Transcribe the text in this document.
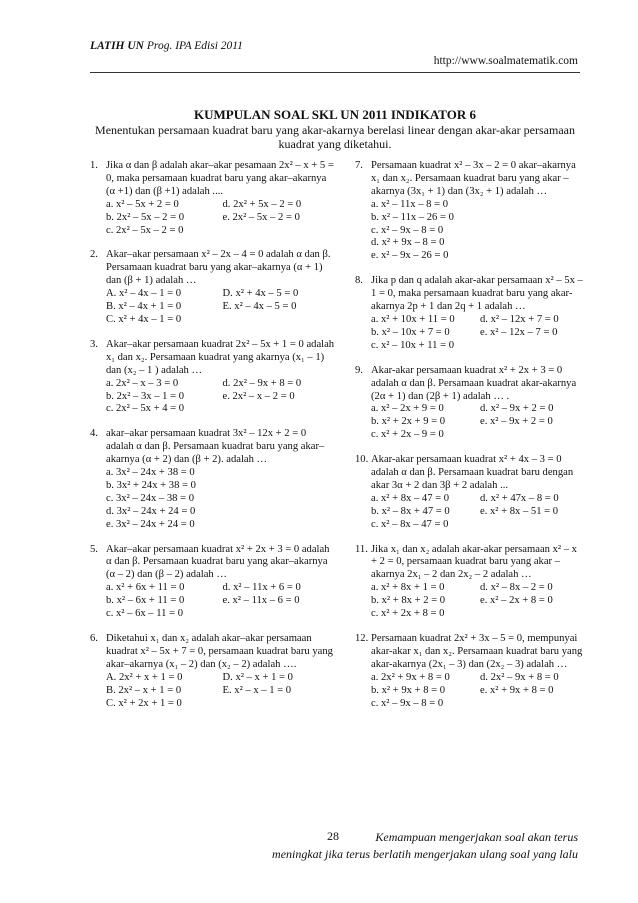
LATIH UN Prog. IPA Edisi 2011
http://www.soalmatematik.com
KUMPULAN SOAL SKL UN 2011 INDIKATOR 6
Menentukan persamaan kuadrat baru yang akar-akarnya berelasi linear dengan akar-akar persamaan kuadrat yang diketahui.
1. Jika α dan β adalah akar–akar pesamaan 2x² – x + 5 = 0, maka persamaan kuadrat baru yang akar–akarnya (α +1) dan (β +1) adalah ....
a. x² – 5x + 2 = 0	d. 2x² + 5x – 2 = 0
b. 2x² – 5x – 2 = 0	e. 2x² – 5x – 2 = 0
c. 2x² – 5x – 2 = 0
2. Akar–akar persamaan x² – 2x – 4 = 0 adalah α dan β. Persamaan kuadrat baru yang akar–akarnya (α + 1) dan (β + 1) adalah …
A. x² – 4x – 1 = 0	D. x² + 4x – 5 = 0
B. x² – 4x + 1 = 0	E. x² – 4x – 5 = 0
C. x² + 4x – 1 = 0
3. Akar–akar persamaan kuadrat 2x² – 5x + 1 = 0 adalah x₁ dan x₂. Persamaan kuadrat yang akarnya (x₁ – 1) dan (x₂ – 1 ) adalah …
a. 2x² – x – 3 = 0	d. 2x² – 9x + 8 = 0
b. 2x² – 3x – 1 = 0	e. 2x² – x – 2 = 0
c. 2x² – 5x + 4 = 0
4. akar–akar persamaan kuadrat 3x² – 12x + 2 = 0 adalah α dan β. Persamaan kuadrat baru yang akar–akarnya (α + 2) dan (β + 2). adalah …
a. 3x² – 24x + 38 = 0
b. 3x² + 24x + 38 = 0
c. 3x² – 24x – 38 = 0
d. 3x² – 24x + 24 = 0
e. 3x² – 24x + 24 = 0
5. Akar–akar persamaan kuadrat x² + 2x + 3 = 0 adalah α dan β. Persamaan kuadrat baru yang akar–akarnya (α – 2) dan (β – 2) adalah …
a. x² + 6x + 11 = 0	d. x² – 11x + 6 = 0
b. x² – 6x + 11 = 0	e. x² – 11x – 6 = 0
c. x² – 6x – 11 = 0
6. Diketahui x₁ dan x₂ adalah akar–akar persamaan kuadrat x² – 5x + 7 = 0, persamaan kuadrat baru yang akar–akarnya (x₁ – 2) dan (x₂ – 2) adalah ….
A. 2x² + x + 1 = 0	D. x² – x + 1 = 0
B. 2x² – x + 1 = 0	E. x² – x – 1 = 0
C. x² + 2x + 1 = 0
7. Persamaan kuadrat x² – 3x – 2 = 0 akar–akarnya x₁ dan x₂. Persamaan kuadrat baru yang akar – akarnya (3x₁ + 1) dan (3x₂ + 1) adalah …
a. x² – 11x – 8 = 0
b. x² – 11x – 26 = 0
c. x² – 9x – 8 = 0
d. x² + 9x – 8 = 0
e. x² – 9x – 26 = 0
8. Jika p dan q adalah akar-akar persamaan x² – 5x – 1 = 0, maka persamaan kuadrat baru yang akar-akarnya 2p + 1 dan 2q + 1 adalah …
a. x² + 10x + 11 = 0	d. x² – 12x + 7 = 0
b. x² – 10x + 7 = 0	e. x² – 12x – 7 = 0
c. x² – 10x + 11 = 0
9. Akar-akar persamaan kuadrat x² + 2x + 3 = 0 adalah α dan β. Persamaan kuadrat akar-akarnya (2α + 1) dan (2β + 1) adalah … .
a. x² – 2x + 9 = 0	d. x² – 9x + 2 = 0
b. x² + 2x + 9 = 0	e. x² – 9x + 2 = 0
c. x² + 2x – 9 = 0
10. Akar-akar persamaan kuadrat x² + 4x – 3 = 0 adalah α dan β. Persamaan kuadrat baru dengan akar 3α + 2 dan 3β + 2 adalah ...
a. x² + 8x – 47 = 0	d. x² + 47x – 8 = 0
b. x² – 8x + 47 = 0	e. x² + 8x – 51 = 0
c. x² – 8x – 47 = 0
11. Jika x₁ dan x₂ adalah akar-akar persamaan x² – x + 2 = 0, persamaan kuadrat baru yang akar – akarnya 2x₁ – 2 dan 2x₂ – 2 adalah …
a. x² + 8x + 1 = 0	d. x² – 8x – 2 = 0
b. x² + 8x + 2 = 0	e. x² – 2x + 8 = 0
c. x² + 2x + 8 = 0
12. Persamaan kuadrat 2x² + 3x – 5 = 0, mempunyai akar-akar x₁ dan x₂. Persamaan kuadrat baru yang akar-akarnya (2x₁ – 3) dan (2x₂ – 3) adalah …
a. 2x² + 9x + 8 = 0	d. 2x² – 9x + 8 = 0
b. x² + 9x + 8 = 0	e. x² + 9x + 8 = 0
c. x² – 9x – 8 = 0
28	Kemampuan mengerjakan soal akan terus
meningkat jika terus berlatih mengerjakan ulang soal yang lalu
